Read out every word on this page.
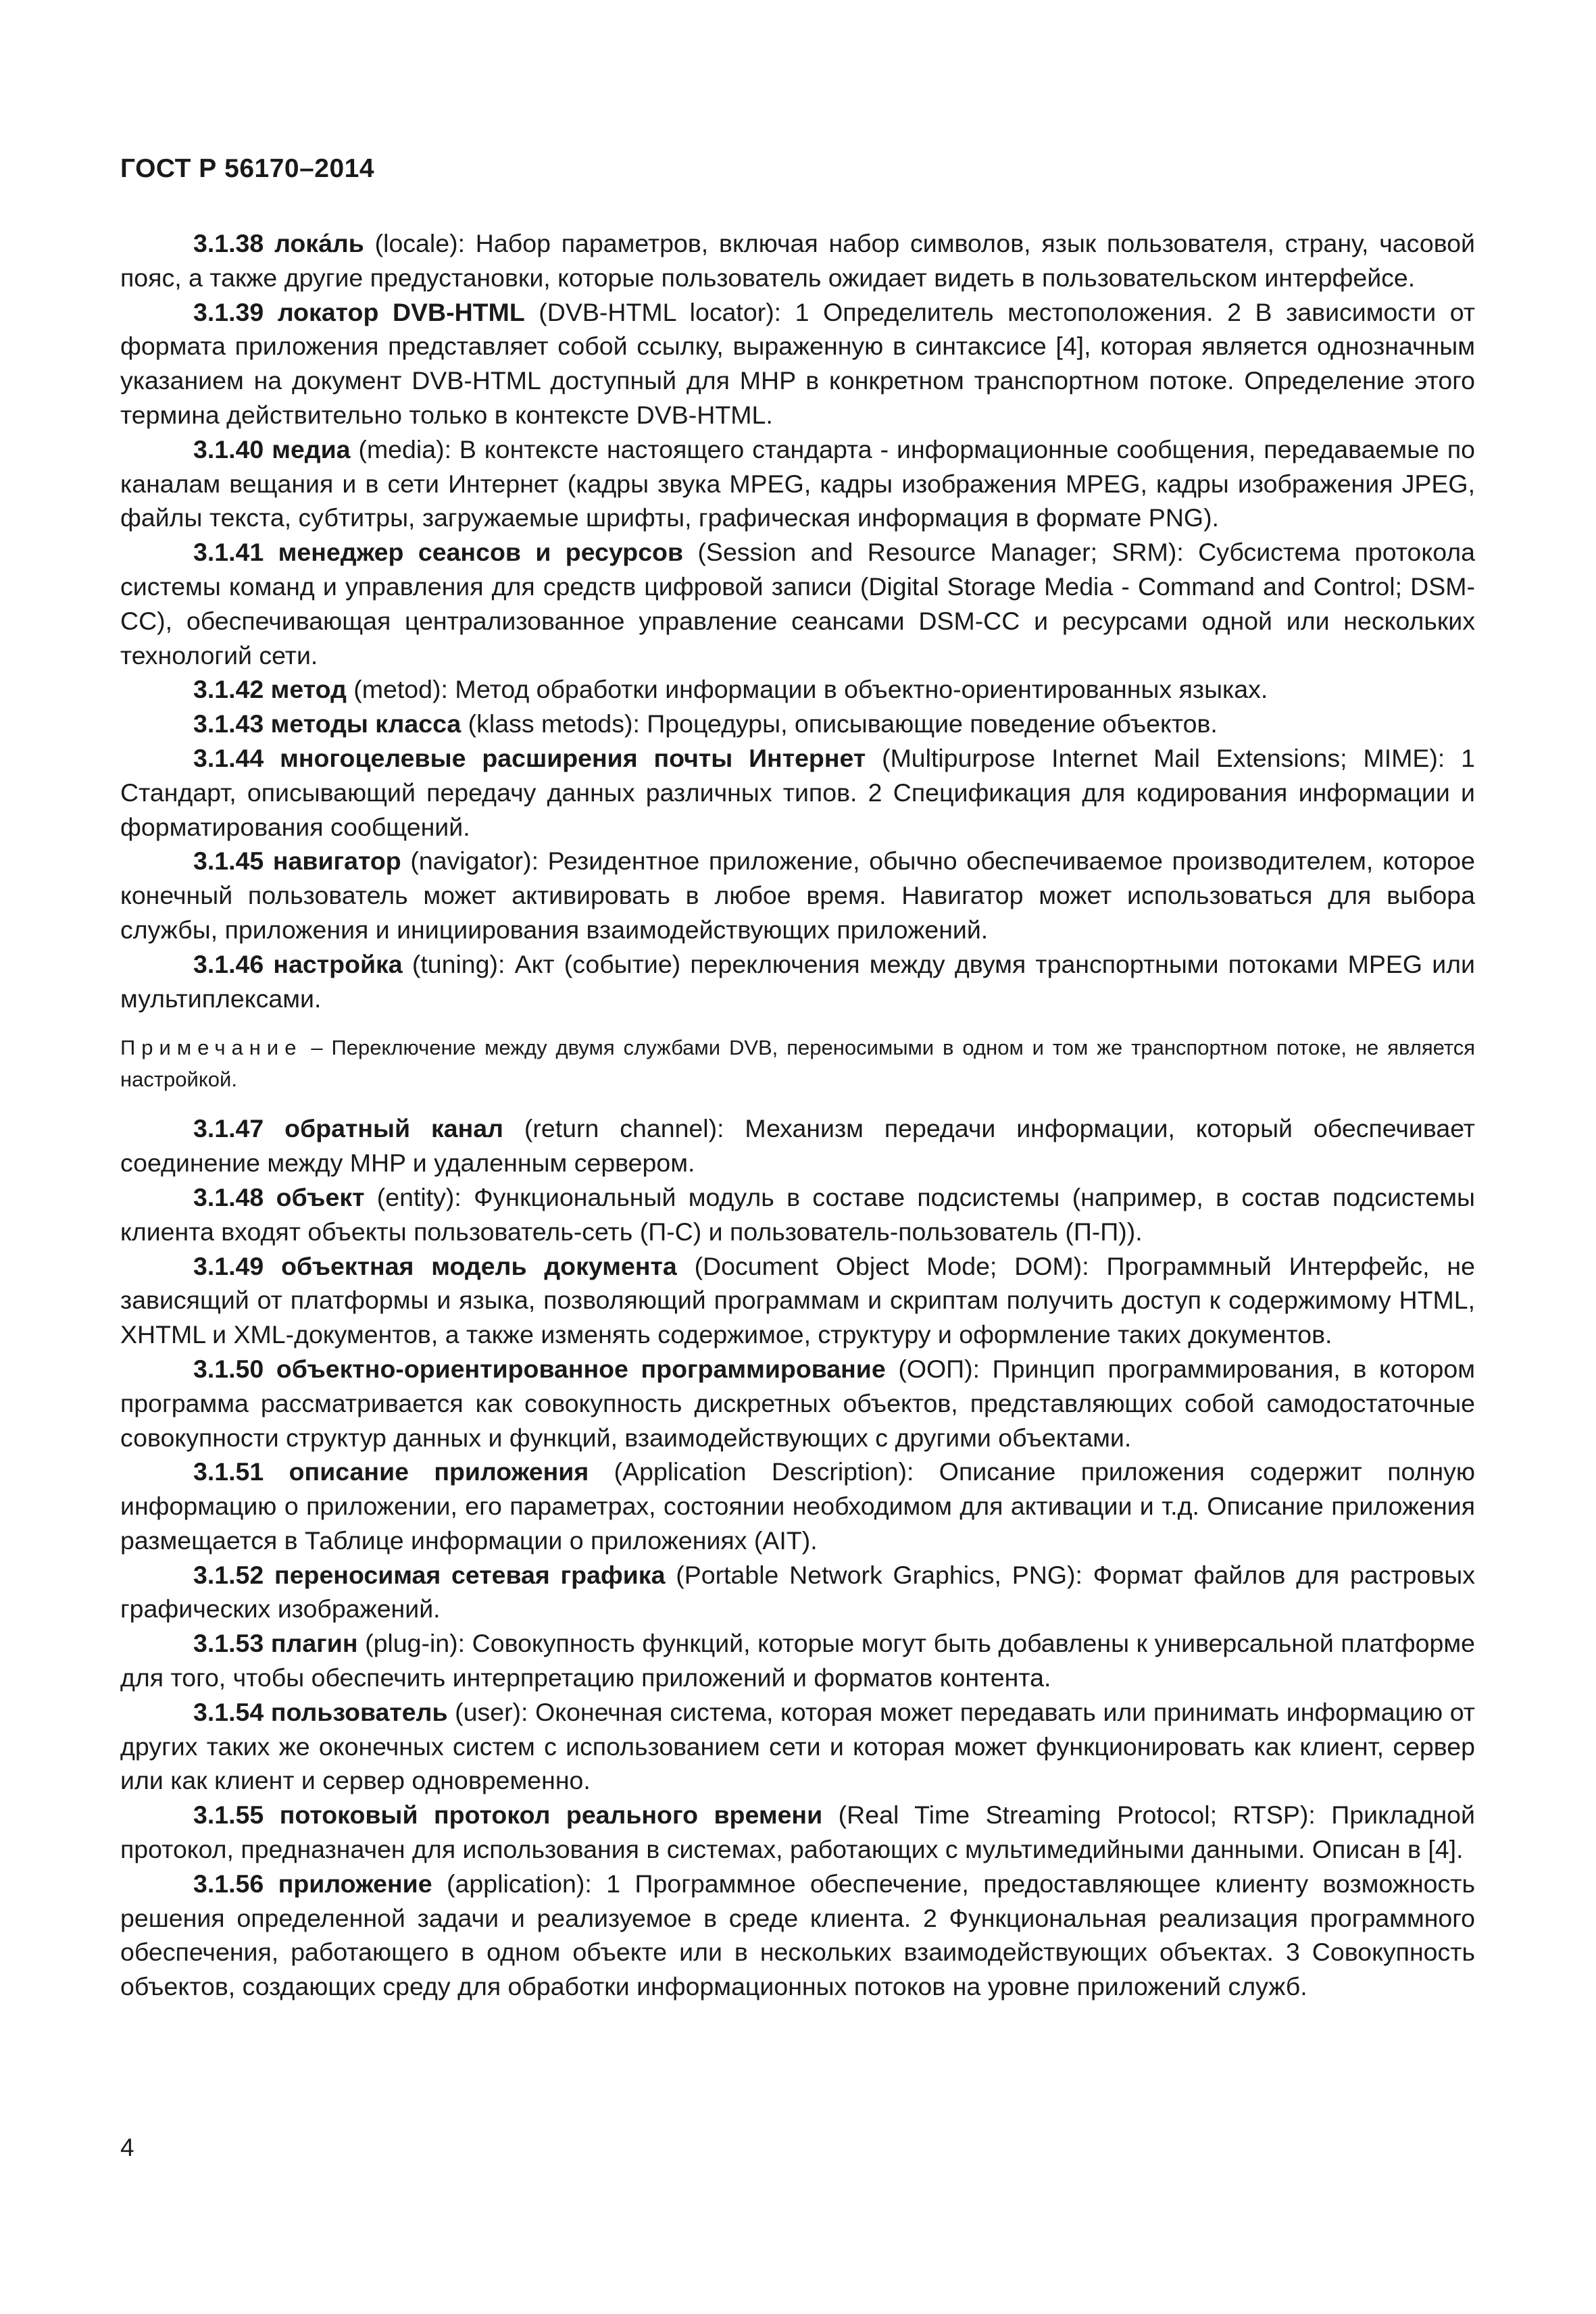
ГОСТ Р 56170–2014

3.1.38 лока́ль (locale): Набор параметров, включая набор символов, язык пользователя, страну, часовой пояс, а также другие предустановки, которые пользователь ожидает видеть в пользовательском интерфейсе.

3.1.39 локатор DVB-HTML (DVB-HTML locator): 1 Определитель местоположения. 2 В зависимости от формата приложения представляет собой ссылку, выраженную в синтаксисе [4], которая является однозначным указанием на документ DVB-HTML доступный для MHP в конкретном транспортном потоке. Определение этого термина действительно только в контексте DVB-HTML.

3.1.40 медиа (media): В контексте настоящего стандарта - информационные сообщения, передаваемые по каналам вещания и в сети Интернет (кадры звука MPEG, кадры изображения MPEG, кадры изображения JPEG, файлы текста, субтитры, загружаемые шрифты, графическая информация в формате PNG).

3.1.41 менеджер сеансов и ресурсов (Session and Resource Manager; SRM): Субсистема протокола системы команд и управления для средств цифровой записи (Digital Storage Media - Command and Control; DSM-CC), обеспечивающая централизованное управление сеансами DSM-CC и ресурсами одной или нескольких технологий сети.

3.1.42 метод (metod): Метод обработки информации в объектно-ориентированных языках.

3.1.43 методы класса (klass metods): Процедуры, описывающие поведение объектов.

3.1.44 многоцелевые расширения почты Интернет (Multipurpose Internet Mail Extensions; MIME): 1 Стандарт, описывающий передачу данных различных типов. 2 Спецификация для кодирования информации и форматирования сообщений.

3.1.45 навигатор (navigator): Резидентное приложение, обычно обеспечиваемое производителем, которое конечный пользователь может активировать в любое время. Навигатор может использоваться для выбора службы, приложения и инициирования взаимодействующих приложений.

3.1.46 настройка (tuning): Акт (событие) переключения между двумя транспортными потоками MPEG или мультиплексами.

Примечание – Переключение между двумя службами DVB, переносимыми в одном и том же транспортном потоке, не является настройкой.

3.1.47 обратный канал (return channel): Механизм передачи информации, который обеспечивает соединение между MHP и удаленным сервером.

3.1.48 объект (entity): Функциональный модуль в составе подсистемы (например, в состав подсистемы клиента входят объекты пользователь-сеть (П-С) и пользователь-пользователь (П-П)).

3.1.49 объектная модель документа (Document Object Mode; DOM): Программный Интерфейс, не зависящий от платформы и языка, позволяющий программам и скриптам получить доступ к содержимому HTML, XHTML и XML-документов, а также изменять содержимое, структуру и оформление таких документов.

3.1.50 объектно-ориентированное программирование (ООП): Принцип программирования, в котором программа рассматривается как совокупность дискретных объектов, представляющих собой самодостаточные совокупности структур данных и функций, взаимодействующих с другими объектами.

3.1.51 описание приложения (Application Description): Описание приложения содержит полную информацию о приложении, его параметрах, состоянии необходимом для активации и т.д. Описание приложения размещается в Таблице информации о приложениях (AIT).

3.1.52 переносимая сетевая графика (Portable Network Graphics, PNG): Формат файлов для растровых графических изображений.

3.1.53 плагин (plug-in): Совокупность функций, которые могут быть добавлены к универсальной платформе для того, чтобы обеспечить интерпретацию приложений и форматов контента.

3.1.54 пользователь (user): Оконечная система, которая может передавать или принимать информацию от других таких же оконечных систем с использованием сети и которая может функционировать как клиент, сервер или как клиент и сервер одновременно.

3.1.55 потоковый протокол реального времени (Real Time Streaming Protocol; RTSP): Прикладной протокол, предназначен для использования в системах, работающих с мультимедийными данными. Описан в [4].

3.1.56 приложение (application): 1 Программное обеспечение, предоставляющее клиенту возможность решения определенной задачи и реализуемое в среде клиента. 2 Функциональная реализация программного обеспечения, работающего в одном объекте или в нескольких взаимодействующих объектах. 3 Совокупность объектов, создающих среду для обработки информационных потоков на уровне приложений служб.

4
